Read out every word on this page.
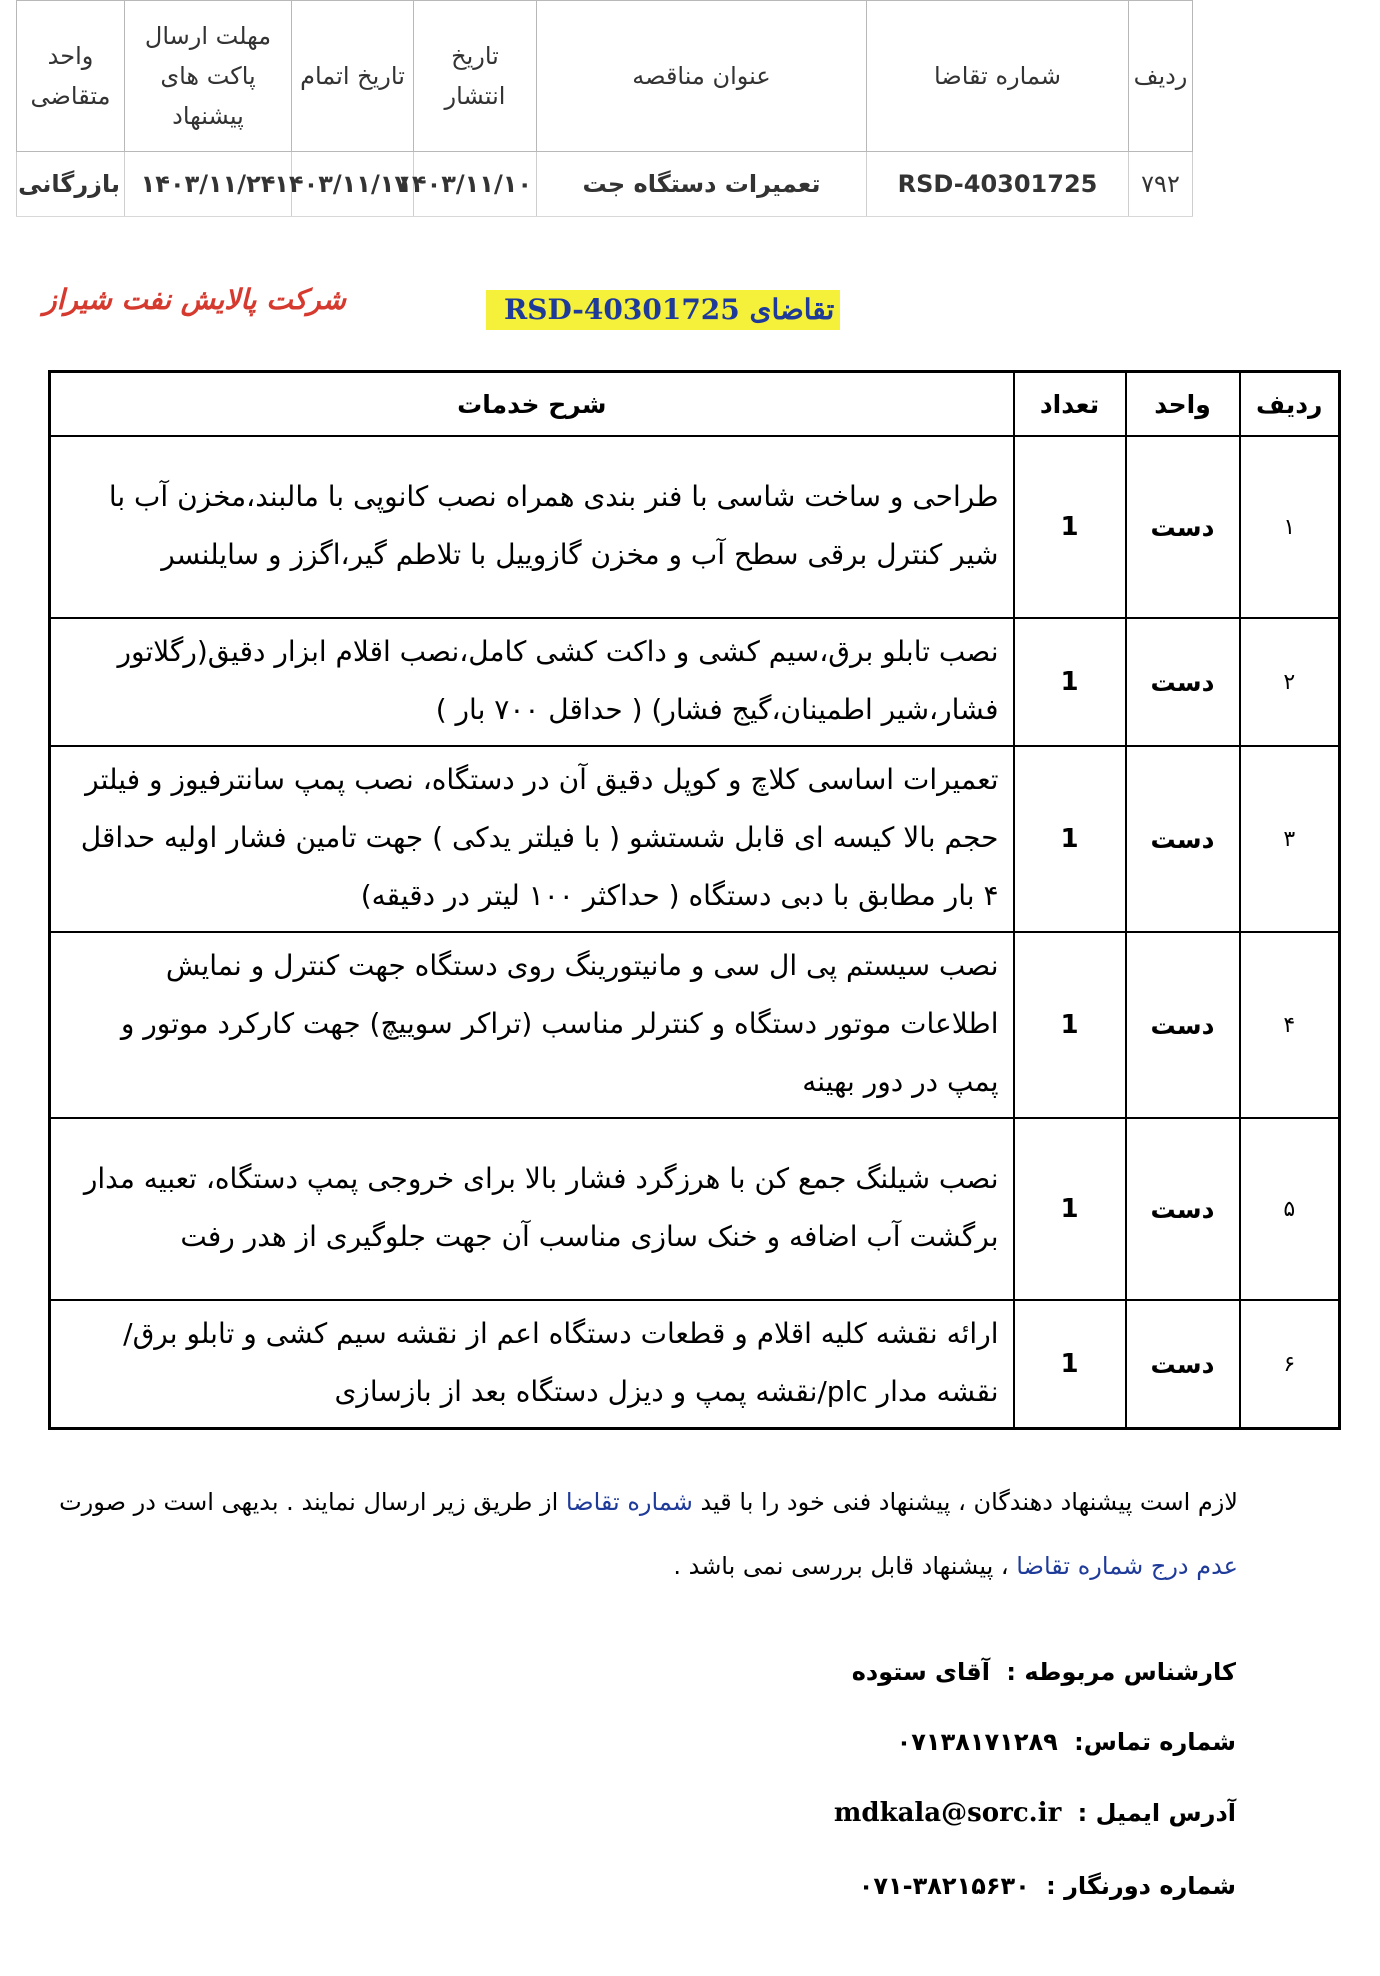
ردیف	شماره تقاضا	عنوان مناقصه	تاریخ انتشار	تاریخ اتمام	مهلت ارسال پاکت های پیشنهاد	واحد متقاضی
۷۹۲	RSD-40301725	تعمیرات دستگاه جت	۱۴۰۳/۱۱/۱۰	۱۴۰۳/۱۱/۱۷	۱۴۰۳/۱۱/۲۴	بازرگانی
شرکت پالایش نفت شیراز	تقاضای RSD-40301725
ردیف	واحد	تعداد	شرح خدمات
۱	دست	1	طراحی و ساخت شاسی با فنر بندی همراه نصب کانوپی با مالبند،مخزن آب با شیر کنترل برقی سطح آب و مخزن گازوییل با تلاطم گیر،اگزز و سایلنسر
۲	دست	1	نصب تابلو برق،سیم کشی و داکت کشی کامل،نصب اقلام ابزار دقیق(رگلاتور فشار،شیر اطمینان،گیج فشار) ( حداقل ۷۰۰ بار )
۳	دست	1	تعمیرات اساسی کلاچ و کوپل دقیق آن در دستگاه، نصب پمپ سانترفیوز و فیلتر حجم بالا کیسه ای قابل شستشو ( با فیلتر یدکی ) جهت تامین فشار اولیه حداقل ۴ بار مطابق با دبی دستگاه ( حداکثر ۱۰۰ لیتر در دقیقه)
۴	دست	1	نصب سیستم پی ال سی و مانیتورینگ روی دستگاه جهت کنترل و نمایش اطلاعات موتور دستگاه و کنترلر مناسب (تراکر سوییچ) جهت کارکرد موتور و پمپ در دور بهینه
۵	دست	1	نصب شیلنگ جمع کن با هرزگرد فشار بالا برای خروجی پمپ دستگاه، تعبیه مدار برگشت آب اضافه و خنک سازی مناسب آن جهت جلوگیری از هدر رفت
۶	دست	1	ارائه نقشه کلیه اقلام و قطعات دستگاه اعم از نقشه سیم کشی و تابلو برق/نقشه مدار plc/نقشه پمپ و دیزل دستگاه بعد از بازسازی
لازم است پیشنهاد دهندگان ، پیشنهاد فنی خود را با قید شماره تقاضا از طریق زیر ارسال نمایند . بدیهی است در صورت عدم درج شماره تقاضا ، پیشنهاد قابل بررسی نمی باشد .
کارشناس مربوطه : آقای ستوده
شماره تماس: ۰۷۱۳۸۱۷۱۲۸۹
آدرس ایمیل : mdkala@sorc.ir
شماره دورنگار : ۰۷۱-۳۸۲۱۵۶۳۰
